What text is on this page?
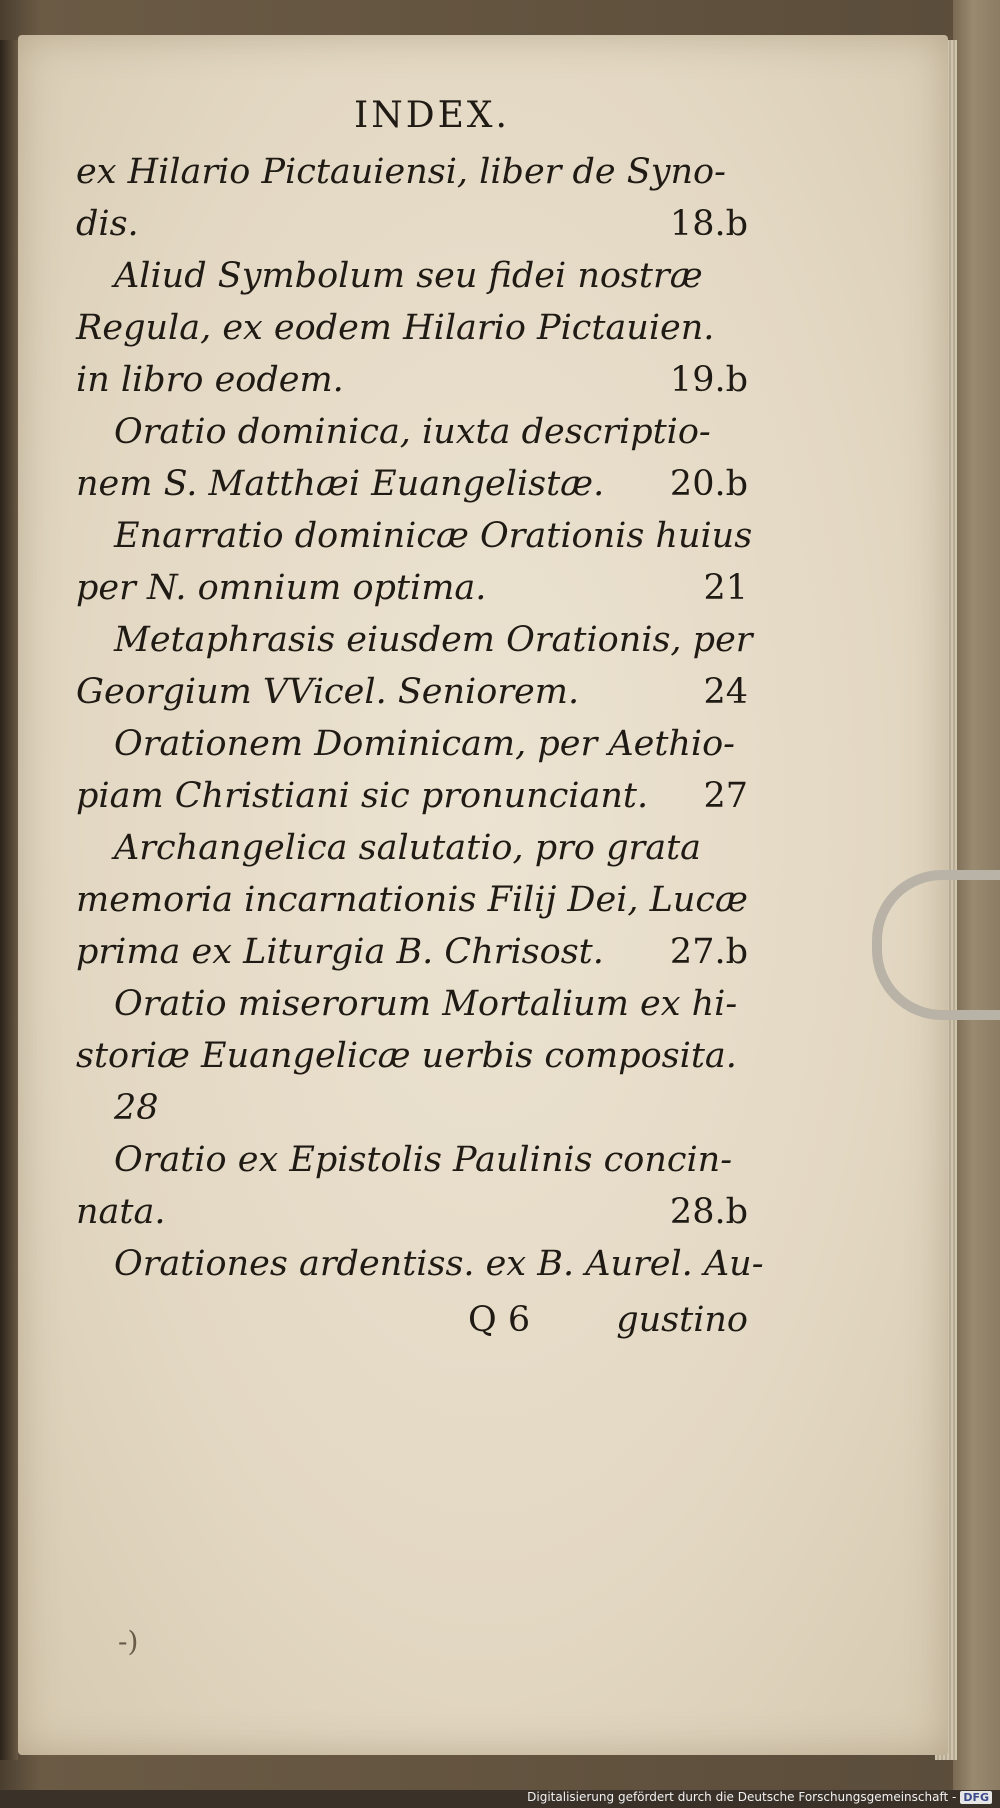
INDEX.
ex Hilario Pictauiensi, liber de Syno-
dis.	18.b
Aliud Symbolum seu fidei nostræ
Regula, ex eodem Hilario Pictauien.
in libro eodem.	19.b
Oratio dominica, iuxta descriptio-
nem S. Matthæi Euangelistæ. 20.b
Enarratio dominicæ Orationis huius
per N. omnium optima.	21
Metaphrasis eiusdem Orationis, per
Georgium VVicel. Seniorem.	24
Orationem Dominicam, per Aethio-
piam Christiani sic pronunciant. 27
Archangelica salutatio, pro grata
memoria incarnationis Filij Dei, Lucæ
prima ex Liturgia B. Chrisost. 27.b
Oratio miserorum Mortalium ex hi-
storiæ Euangelicæ uerbis composita.
28
Oratio ex Epistolis Paulinis concin-
nata.	28.b
Orationes ardentiss. ex B. Aurel. Au-
Q 6 gustino
-)
Digitalisierung gefördert durch die Deutsche Forschungsgemeinschaft - DFG
